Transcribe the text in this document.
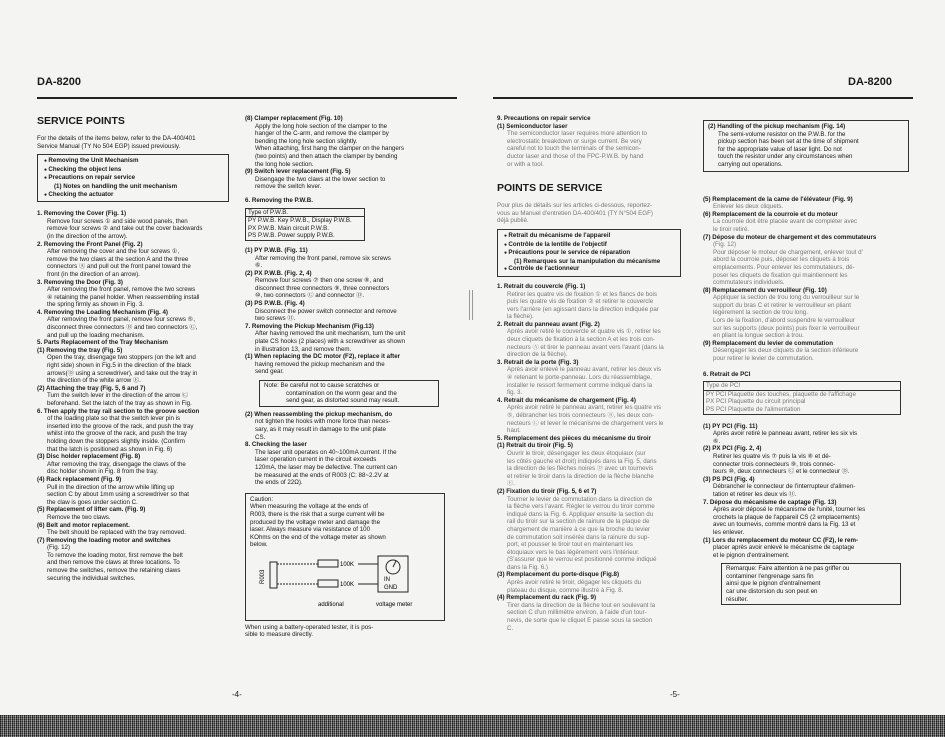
DA-8200	DA-8200
SERVICE POINTS
For the details of the items below, refer to the DA-400/401
Service Manual (TY No 504 EGP) issued previously.
● Removing the Unit Mechanism
● Checking the object lens
● Precautions on repair service
(1) Notes on handling the unit mechanism
● Checking the actuator
1. Removing the Cover (Fig. 1)
Remove four screws ① and side wood panels, then
remove four screws ② and take out the cover backwards
(in the direction of the arrow).
2. Removing the Front Panel (Fig. 2)
After removing the cover and the four screws ①,
remove the two claws at the section A and the three
connectors Ⓐ and pull out the front panel toward the
front (in the direction of an arrow).
3. Removing the Door (Fig. 3)
After removing the front panel, remove the two screws
④ retaining the panel holder. When reassembling install
the spring firmly as shown in Fig. 3.
4. Removing the Loading Mechanism (Fig. 4)
After removing the front panel, remove four screws ⑤,
disconnect three connectors Ⓑ and two connectors Ⓒ,
and pull up the loading mechanism.
5. Parts Replacement of the Tray Mechanism
(1) Removing the tray (Fig. 5)
Open the tray, disengage two stoppers (on the left and
right side) shown in Fig.5 in the direction of the black
arrows(Ⓓ using a screwdriver), and take out the tray in
the direction of the white arrow Ⓔ.
(2) Attaching the tray (Fig. 5, 6 and 7)
Turn the switch lever in the direction of the arrow Ⓒ
beforehand. Set the latch of the tray as shown in Fig.
6. Then apply the tray rail section to the groove section
of the loading plate so that the switch lever pin is
inserted into the groove of the rack, and push the tray
whilst into the groove of the rack, and push the tray
holding down the stoppers slightly inside. (Confirm
that the latch is positioned as shown in Fig. 6)
(3) Disc holder replacement (Fig. 8)
After removing the tray, disengage the claws of the
disc holder shown in Fig. 8 from the tray.
(4) Rack replacement (Fig. 9)
Pull in the direction of the arrow while lifting up
section C by about 1mm using a screwdriver so that
the claw is goes under section C.
(5) Replacement of lifter cam. (Fig. 9)
Remove the two claws.
(6) Belt and motor replacement.
The belt should be replaced with the tray removed.
(7) Removing the loading motor and switches
(Fig. 12)
To remove the loading motor, first remove the belt
and then remove the claws at three locations. To
remove the switches, remove the retaining claws
securing the individual switches.
(8) Clamper replacement (Fig. 10)
Apply the long hole section of the clamper to the
hanger of the C-arm, and remove the clamper by
bending the long hole section slightly.
When attaching, first hang the clamper on the hangers
(two points) and then attach the clamper by bending
the long hole section.
(9) Switch lever replacement (Fig. 5)
Disengage the two claws at the lower section to
remove the switch lever.
6. Removing the P.W.B.
Type of P.W.B.
PY P.W.B. Key P.W.B., Display P.W.B.
PX P.W.B. Main circuit P.W.B.
PS P.W.B. Power supply P.W.B.
(1) PY P.W.B. (Fig. 11)
After removing the front panel, remove six screws
⑥.
(2) PX P.W.B. (Fig. 2, 4)
Remove four screws ⑦ then one screw ⑧, and
disconnect three connectors ⑨, three connectors
⑩, two connectors Ⓒ and connector Ⓓ.
(3) PS P.W.B. (Fig. 4)
Disconnect the power switch connector and remove
two screws ⑪.
7. Removing the Pickup Mechanism (Fig.13)
After having removed the unit mechanism, turn the unit
plate CS hooks (2 places) with a screwdriver as shown
in illustration 13, and remove them.
(1) When replacing the DC motor (F2), replace it after
having removed the pickup mechanism and the
send gear.
Note: Be careful not to cause scratches or
contamination on the worm gear and the
send gear, as distorted sound may result.
(2) When reassembling the pickup mechanism, do
not tighten the hooks with more force than neces-
sary, as it may result in damage to the unit plate
CS.
8. Checking the laser
The laser unit operates on 40~100mA current. If the
laser operation current in the circuit exceeds
120mA, the laser may be defective. The current can
be measured at the ends of R003 (C: 88~2.2V at
the ends of 22Ω).
Caution:
When measuring the voltage at the ends of
R003, there is the risk that a surge current will be
produced by the voltage meter and damage the
laser. Always measure via resistance of 100
KOhms on the end of the voltage meter as shown
below.
R003
100K
100K
IN
GND
additional	voltage meter
When using a battery-operated tester, it is pos-
sible to measure directly.
9. Precautions on repair service
(1) Semiconductor laser
The semiconductor laser requires more attention to
electrostatic breakdown or surge current. Be very
careful not to touch the terminals of the semicon-
ductor laser and those of the FPC-P.W.B. by hand
or with a tool.
POINTS DE SERVICE
Pour plus de détails sur les articles ci-dessous, reportez-
vous au Manuel d'entretien DA-400/401 (TY N°504 EGF)
déjà publié.
● Retrait du mécanisme de l'appareil
● Contrôle de la lentille de l'objectif
● Précautions pour le service de réparation
(1) Remarques sur la manipulation du mécanisme
● Contrôle de l'actionneur
1. Retrait du couvercle (Fig. 1)
Retirer les quatre vis de fixation ① et les flancs de bois
puis les quatre vis de fixation ② et retirer le couvercle
vers l'arrière (en agissant dans la direction indiquée par
la flèche).
2. Retrait du panneau avant (Fig. 2)
Après avoir retiré le couvercle et quatre vis ①, retirer les
deux cliquets de fixation à la section A et les trois con-
necteurs Ⓐ et tirer le panneau avant vers l'avant (dans la
direction de la flèche).
3. Retrait de la porte (Fig. 3)
Après avoir enlevé le panneau avant, retirer les deux vis
④ retenant le porte-panneau. Lors du réassemblage,
installer le ressort fermement comme indiqué dans la
fig. 3.
4. Retrait du mécanisme de chargement (Fig. 4)
Après avoir retiré le panneau avant, retirer les quatre vis
⑤, débrancher les trois connecteurs Ⓑ, les deux con-
necteurs Ⓒ et lever le mécanisme de chargement vers le
haut.
5. Remplacement des pièces du mécanisme du tiroir
(1) Retrait du tiroir (Fig. 5)
Ouvrir le tiroir, désengager les deux étoquiaux (sur
les côtés gauche et droit) indiqués dans la Fig. 5, dans
la direction de les flèches noires Ⓓ avec un tournevis
et retirer le tiroir dans la direction de la flèche blanche
Ⓔ.
(2) Fixation du tiroir (Fig. 5, 6 et 7)
Tourner le levier de commutation dans la direction de
la flèche vers l'avant. Régler le verrou du tiroir comme
indiqué dans la Fig. 6. Appliquer ensuite la section du
rail du tiroir sur la section de rainure de la plaque de
chargement de manière à ce que la broche du levier
de commutation soit insérée dans la rainure du sup-
port, et pousser le tiroir tout en maintenant les
étoquiaux vers le bas légèrement vers l'intérieur.
(S'assurer que le verrou est positionné comme indiqué
dans la Fig. 6.)
(3) Remplacement du porte-disque (Fig.8)
Après avoir retiré le tiroir, dégager les cliquets du
plateau du disque, comme illustré à Fig. 8.
(4) Remplacement du rack (Fig. 9)
Tirer dans la direction de la flèche tout en soulevant la
section C d'un millimètre environ, à l'aide d'un tour-
nevis, de sorte que le cliquet E passe sous la section
C.
(2) Handling of the pickup mechanism (Fig. 14)
The semi-volume resistor on the P.W.B. for the
pickup section has been set at the time of shipment
for the appropriate value of laser light. Do not
touch the resistor under any circumstances when
carrying out operations.
(5) Remplacement de la came de l'élévateur (Fig. 9)
Enlever les deux cliquets.
(6) Remplacement de la courroie et du moteur
La courroie doit être placée avant de compléter avec
le tiroir retiré.
(7) Dépose du moteur de chargement et des commutateurs
(Fig. 12)
Pour déposer le moteur de chargement, enlever tout d'
abord la courroie puis, déposer les cliquets à trois
emplacements. Pour enlever les commutateurs, dé-
poser les cliquets de fixation qui maintiennent les
commutateurs individuels.
(8) Remplacement du verrouilleur (Fig. 10)
Appliquer la section de trou long du verrouilleur sur le
support du bras C et retirer le verrouilleur en pliant
légèrement la section de trou long.
Lors de la fixation, d'abord suspendre le verrouilleur
sur les supports (deux points) puis fixer le verrouilleur
en pliant la longue section à trou.
(9) Remplacement du levier de commutation
Désengager les deux cliquets de la section inférieure
pour retirer le levier de commutation.
6. Retrait de PCI
Type de PCI
PY PCI Plaquette des touches, plaquette de l'affichage
PX PCI Plaquette du circuit principal
PS PCI Plaquette de l'alimentation
(1) PY PCI (Fig. 11)
Après avoir retiré le panneau avant, retirer les six vis
⑥.
(2) PX PCI (Fig. 2, 4)
Retirer les quatre vis ⑦ puis la vis ⑧ et dé-
connecter trois connecteurs ⑨, trois connec-
teurs ⑩, deux connecteurs Ⓒ et le connecteur Ⓓ.
(3) PS PCI (Fig. 4)
Débrancher le connecteur de l'interrupteur d'alimen-
tation et retirer les deux vis ⑪.
7. Dépose du mécanisme de captage (Fig. 13)
Après avoir déposé le mécanisme de l'unité, tourner les
crochets la plaque de l'appareil CS (2 emplacements)
avec un tournevis, comme montré dans la Fig. 13 et
les enlever.
(1) Lors du remplacement du moteur CC (F2), le rem-
placer après avoir enlevé le mécanisme de captage
et le pignon d'entraînement.
Remarque: Faire attention à ne pas griffer ou
contaminer l'engrenage sans fin
ainsi que le pignon d'entraînement
car une distorsion du son peut en
résulter.
-4-	-5-
